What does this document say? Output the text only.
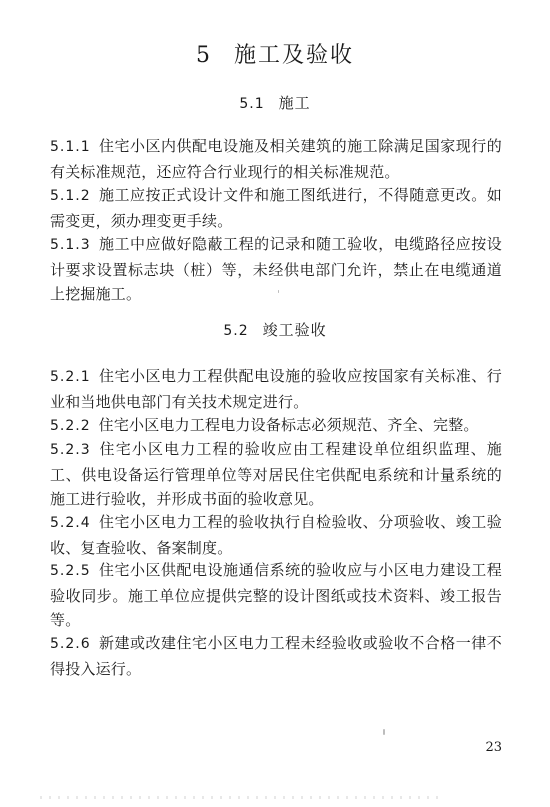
5 施工及验收
5.1 施工
5.1.1 住宅小区内供配电设施及相关建筑的施工除满足国家现行的有关标准规范，还应符合行业现行的相关标准规范。
5.1.2 施工应按正式设计文件和施工图纸进行，不得随意更改。如需变更，须办理变更手续。
5.1.3 施工中应做好隐蔽工程的记录和随工验收，电缆路径应按设计要求设置标志块（桩）等，未经供电部门允许，禁止在电缆通道上挖掘施工。
5.2 竣工验收
5.2.1 住宅小区电力工程供配电设施的验收应按国家有关标准、行业和当地供电部门有关技术规定进行。
5.2.2 住宅小区电力工程电力设备标志必须规范、齐全、完整。
5.2.3 住宅小区电力工程的验收应由工程建设单位组织监理、施工、供电设备运行管理单位等对居民住宅供配电系统和计量系统的施工进行验收，并形成书面的验收意见。
5.2.4 住宅小区电力工程的验收执行自检验收、分项验收、竣工验收、复查验收、备案制度。
5.2.5 住宅小区供配电设施通信系统的验收应与小区电力建设工程验收同步。施工单位应提供完整的设计图纸或技术资料、竣工报告等。
5.2.6 新建或改建住宅小区电力工程未经验收或验收不合格一律不得投入运行。
23
